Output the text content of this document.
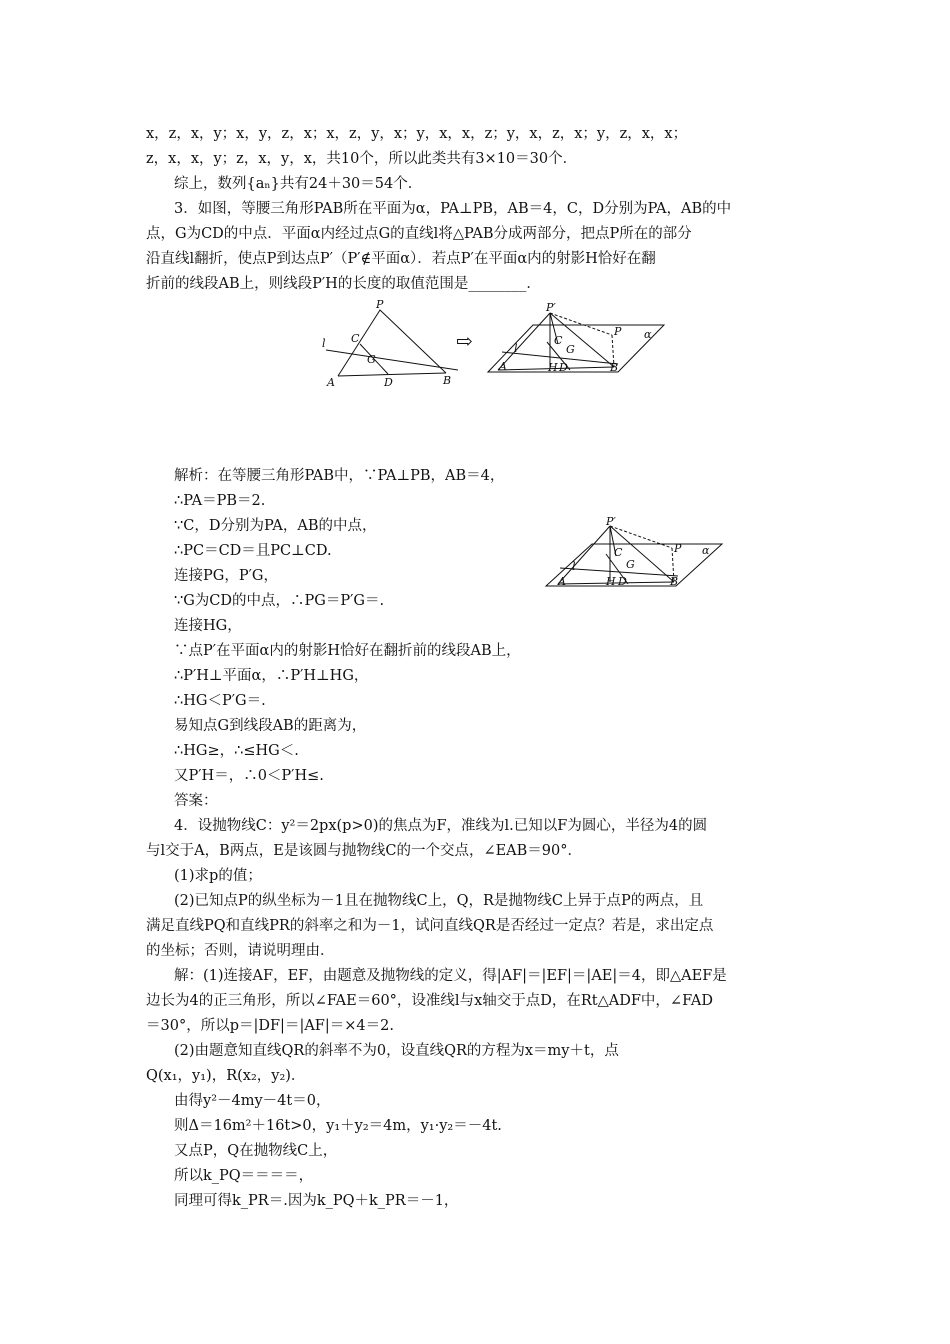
x，z，x，y；x，y，z，x；x，z，y，x；y，x，x，z；y，x，z，x；y，z，x，x；
z，x，x，y；z，x，y，x，共10个，所以此类共有3×10＝30个．
综上，数列{aₙ}共有24＋30＝54个．
3．如图，等腰三角形PAB所在平面为α，PA⊥PB，AB＝4，C，D分别为PA，AB的中
点，G为CD的中点．平面α内经过点G的直线l将△PAB分成两部分，把点P所在的部分
沿直线l翻折，使点P到达点P′（P′∉平面α）．若点P′在平面α内的射影H恰好在翻
折前的线段AB上，则线段P′H的长度的取值范围是________．
解析：在等腰三角形PAB中，∵PA⊥PB，AB＝4，
∴PA＝PB＝2.
∵C，D分别为PA，AB的中点，
∴PC＝CD＝且PC⊥CD.
连接PG，P′G，
∵G为CD的中点，∴PG＝P′G＝.
连接HG，
∵点P′在平面α内的射影H恰好在翻折前的线段AB上，
∴P′H⊥平面α，∴P′H⊥HG，
∴HG＜P′G＝.
易知点G到线段AB的距离为，
∴HG≥，∴≤HG＜.
又P′H＝，∴0＜P′H≤.
答案：
4．设抛物线C：y²＝2px(p>0)的焦点为F，准线为l.已知以F为圆心，半径为4的圆
与l交于A，B两点，E是该圆与抛物线C的一个交点，∠EAB＝90°．
(1)求p的值；
(2)已知点P的纵坐标为－1且在抛物线C上，Q，R是抛物线C上异于点P的两点，且
满足直线PQ和直线PR的斜率之和为－1，试问直线QR是否经过一定点？若是，求出定点
的坐标；否则，请说明理由．
解：(1)连接AF，EF，由题意及抛物线的定义，得|AF|＝|EF|＝|AE|＝4，即△AEF是
边长为4的正三角形，所以∠FAE＝60°，设准线l与x轴交于点D，在Rt△ADF中，∠FAD
＝30°，所以p＝|DF|＝|AF|＝×4＝2.
(2)由题意知直线QR的斜率不为0，设直线QR的方程为x＝my＋t，点
Q(x₁，y₁)，R(x₂，y₂)．
由得y²－4my－4t＝0，
则Δ＝16m²＋16t>0，y₁＋y₂＝4m，y₁·y₂＝－4t.
又点P，Q在抛物线C上，
所以k_PQ＝＝＝＝，
同理可得k_PR＝.因为k_PQ＋k_PR＝－1，
P
C
l
G
A	D	B
⇨
P′
P α
l
C
G
A	H D	B
P′
C	P α
l	G
A	H D	B
